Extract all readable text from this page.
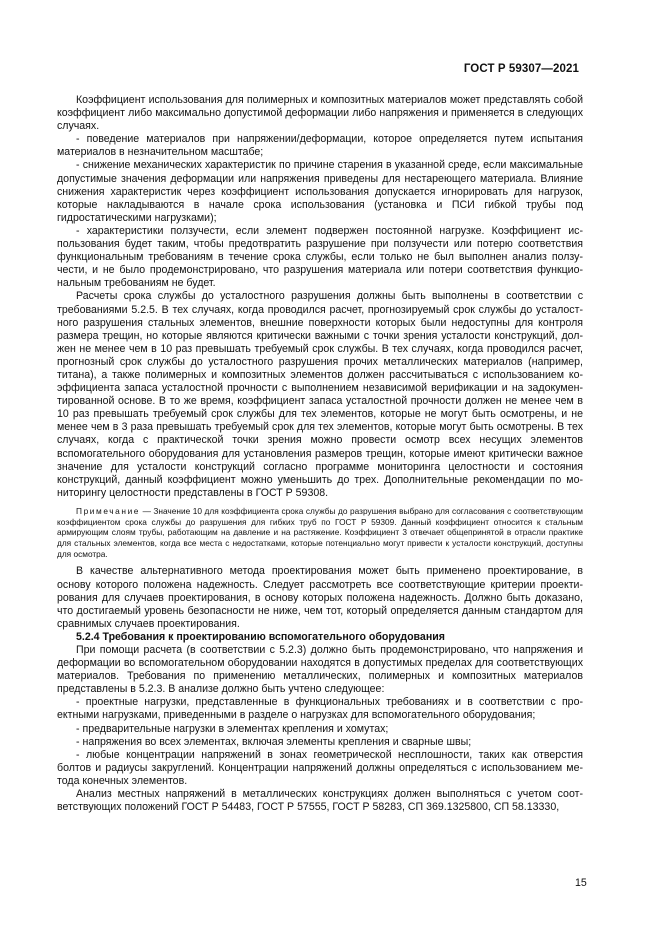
ГОСТ Р 59307—2021

Коэффициент использования для полимерных и композитных материалов может представлять собой коэффициент либо максимально допустимой деформации либо напряжения и применяется в следующих случаях.

- поведение материалов при напряжении/деформации, которое определяется путем испытания материалов в незначительном масштабе;

- снижение механических характеристик по причине старения в указанной среде, если максимальные допустимые значения деформации или напряжения приведены для нестареющего материала. Влияние снижения характеристик через коэффициент использования допускается игнорировать для нагрузок, которые накладываются в начале срока использования (установка и ПСИ гибкой трубы под гидростатическими нагрузками);

- характеристики ползучести, если элемент подвержен постоянной нагрузке. Коэффициент использования будет таким, чтобы предотвратить разрушение при ползучести или потерю соответствия функциональным требованиям в течение срока службы, если только не был выполнен анализ ползучести, и не было продемонстрировано, что разрушения материала или потери соответствия функциональным требованиям не будет.

Расчеты срока службы до усталостного разрушения должны быть выполнены в соответствии с требованиями 5.2.5. В тех случаях, когда проводился расчет, прогнозируемый срок службы до усталостного разрушения стальных элементов, внешние поверхности которых были недоступны для контроля размера трещин, но которые являются критически важными с точки зрения усталости конструкций, должен не менее чем в 10 раз превышать требуемый срок службы. В тех случаях, когда проводился расчет, прогнозный срок службы до усталостного разрушения прочих металлических материалов (например, титана), а также полимерных и композитных элементов должен рассчитываться с использованием коэффициента запаса усталостной прочности с выполнением независимой верификации и на задокументированной основе. В то же время, коэффициент запаса усталостной прочности должен не менее чем в 10 раз превышать требуемый срок службы для тех элементов, которые не могут быть осмотрены, и не менее чем в 3 раза превышать требуемый срок для тех элементов, которые могут быть осмотрены. В тех случаях, когда с практической точки зрения можно провести осмотр всех несущих элементов вспомогательного оборудования для установления размеров трещин, которые имеют критически важное значение для усталости конструкций согласно программе мониторинга целостности и состояния конструкций, данный коэффициент можно уменьшить до трех. Дополнительные рекомендации по мониторингу целостности представлены в ГОСТ Р 59308.

Примечание — Значение 10 для коэффициента срока службы до разрушения выбрано для согласования с соответствующим коэффициентом срока службы до разрушения для гибких труб по ГОСТ Р 59309. Данный коэффициент относится к стальным армирующим слоям трубы, работающим на давление и на растяжение. Коэффициент 3 отвечает общепринятой в отрасли практике для стальных элементов, когда все места с недостатками, которые потенциально могут привести к усталости конструкций, доступны для осмотра.

В качестве альтернативного метода проектирования может быть применено проектирование, в основу которого положена надежность. Следует рассмотреть все соответствующие критерии проектирования для случаев проектирования, в основу которых положена надежность. Должно быть доказано, что достигаемый уровень безопасности не ниже, чем тот, который определяется данным стандартом для сравнимых случаев проектирования.

5.2.4 Требования к проектированию вспомогательного оборудования

При помощи расчета (в соответствии с 5.2.3) должно быть продемонстрировано, что напряжения и деформации во вспомогательном оборудовании находятся в допустимых пределах для соответствующих материалов. Требования по применению металлических, полимерных и композитных материалов представлены в 5.2.3. В анализе должно быть учтено следующее:

- проектные нагрузки, представленные в функциональных требованиях и в соответствии с проектными нагрузками, приведенными в разделе о нагрузках для вспомогательного оборудования;

- предварительные нагрузки в элементах крепления и хомутах;

- напряжения во всех элементах, включая элементы крепления и сварные швы;

- любые концентрации напряжений в зонах геометрической несплошности, таких как отверстия болтов и радиусы закруглений. Концентрации напряжений должны определяться с использованием метода конечных элементов.

Анализ местных напряжений в металлических конструкциях должен выполняться с учетом соответствующих положений ГОСТ Р 54483, ГОСТ Р 57555, ГОСТ Р 58283, СП 369.1325800, СП 58.13330,

15
